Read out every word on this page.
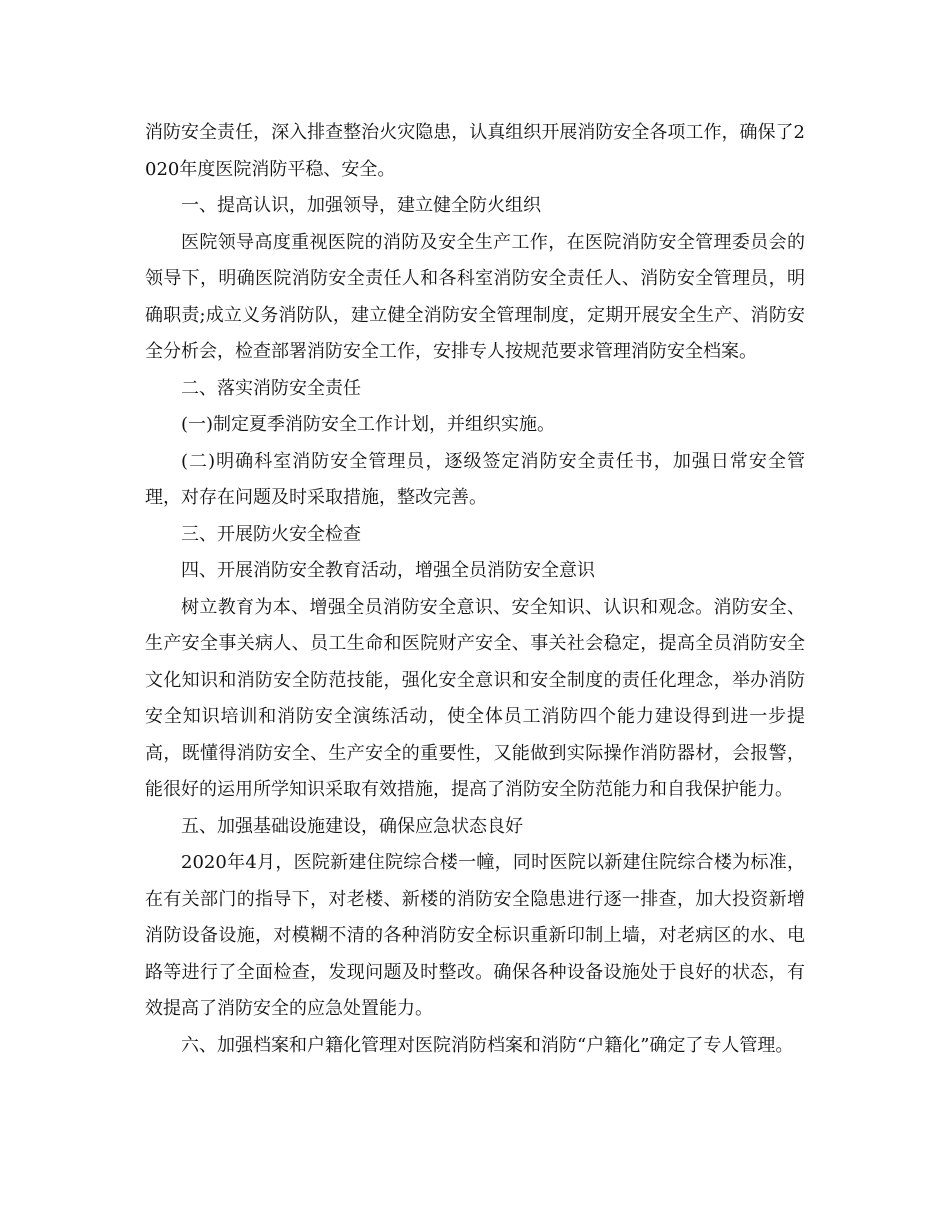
消防安全责任，深入排查整治火灾隐患，认真组织开展消防安全各项工作，确保了2020年度医院消防平稳、安全。

一、提高认识，加强领导，建立健全防火组织

医院领导高度重视医院的消防及安全生产工作，在医院消防安全管理委员会的领导下，明确医院消防安全责任人和各科室消防安全责任人、消防安全管理员，明确职责;成立义务消防队，建立健全消防安全管理制度，定期开展安全生产、消防安全分析会，检查部署消防安全工作，安排专人按规范要求管理消防安全档案。

二、落实消防安全责任

(一)制定夏季消防安全工作计划，并组织实施。

(二)明确科室消防安全管理员，逐级签定消防安全责任书，加强日常安全管理，对存在问题及时采取措施，整改完善。

三、开展防火安全检查

四、开展消防安全教育活动，增强全员消防安全意识

树立教育为本、增强全员消防安全意识、安全知识、认识和观念。消防安全、生产安全事关病人、员工生命和医院财产安全、事关社会稳定，提高全员消防安全文化知识和消防安全防范技能，强化安全意识和安全制度的责任化理念，举办消防安全知识培训和消防安全演练活动，使全体员工消防四个能力建设得到进一步提高，既懂得消防安全、生产安全的重要性，又能做到实际操作消防器材，会报警，能很好的运用所学知识采取有效措施，提高了消防安全防范能力和自我保护能力。

五、加强基础设施建设，确保应急状态良好

2020年4月，医院新建住院综合楼一幢，同时医院以新建住院综合楼为标准，在有关部门的指导下，对老楼、新楼的消防安全隐患进行逐一排查，加大投资新增消防设备设施，对模糊不清的各种消防安全标识重新印制上墙，对老病区的水、电路等进行了全面检查，发现问题及时整改。确保各种设备设施处于良好的状态，有效提高了消防安全的应急处置能力。

六、加强档案和户籍化管理对医院消防档案和消防“户籍化”确定了专人管理。
